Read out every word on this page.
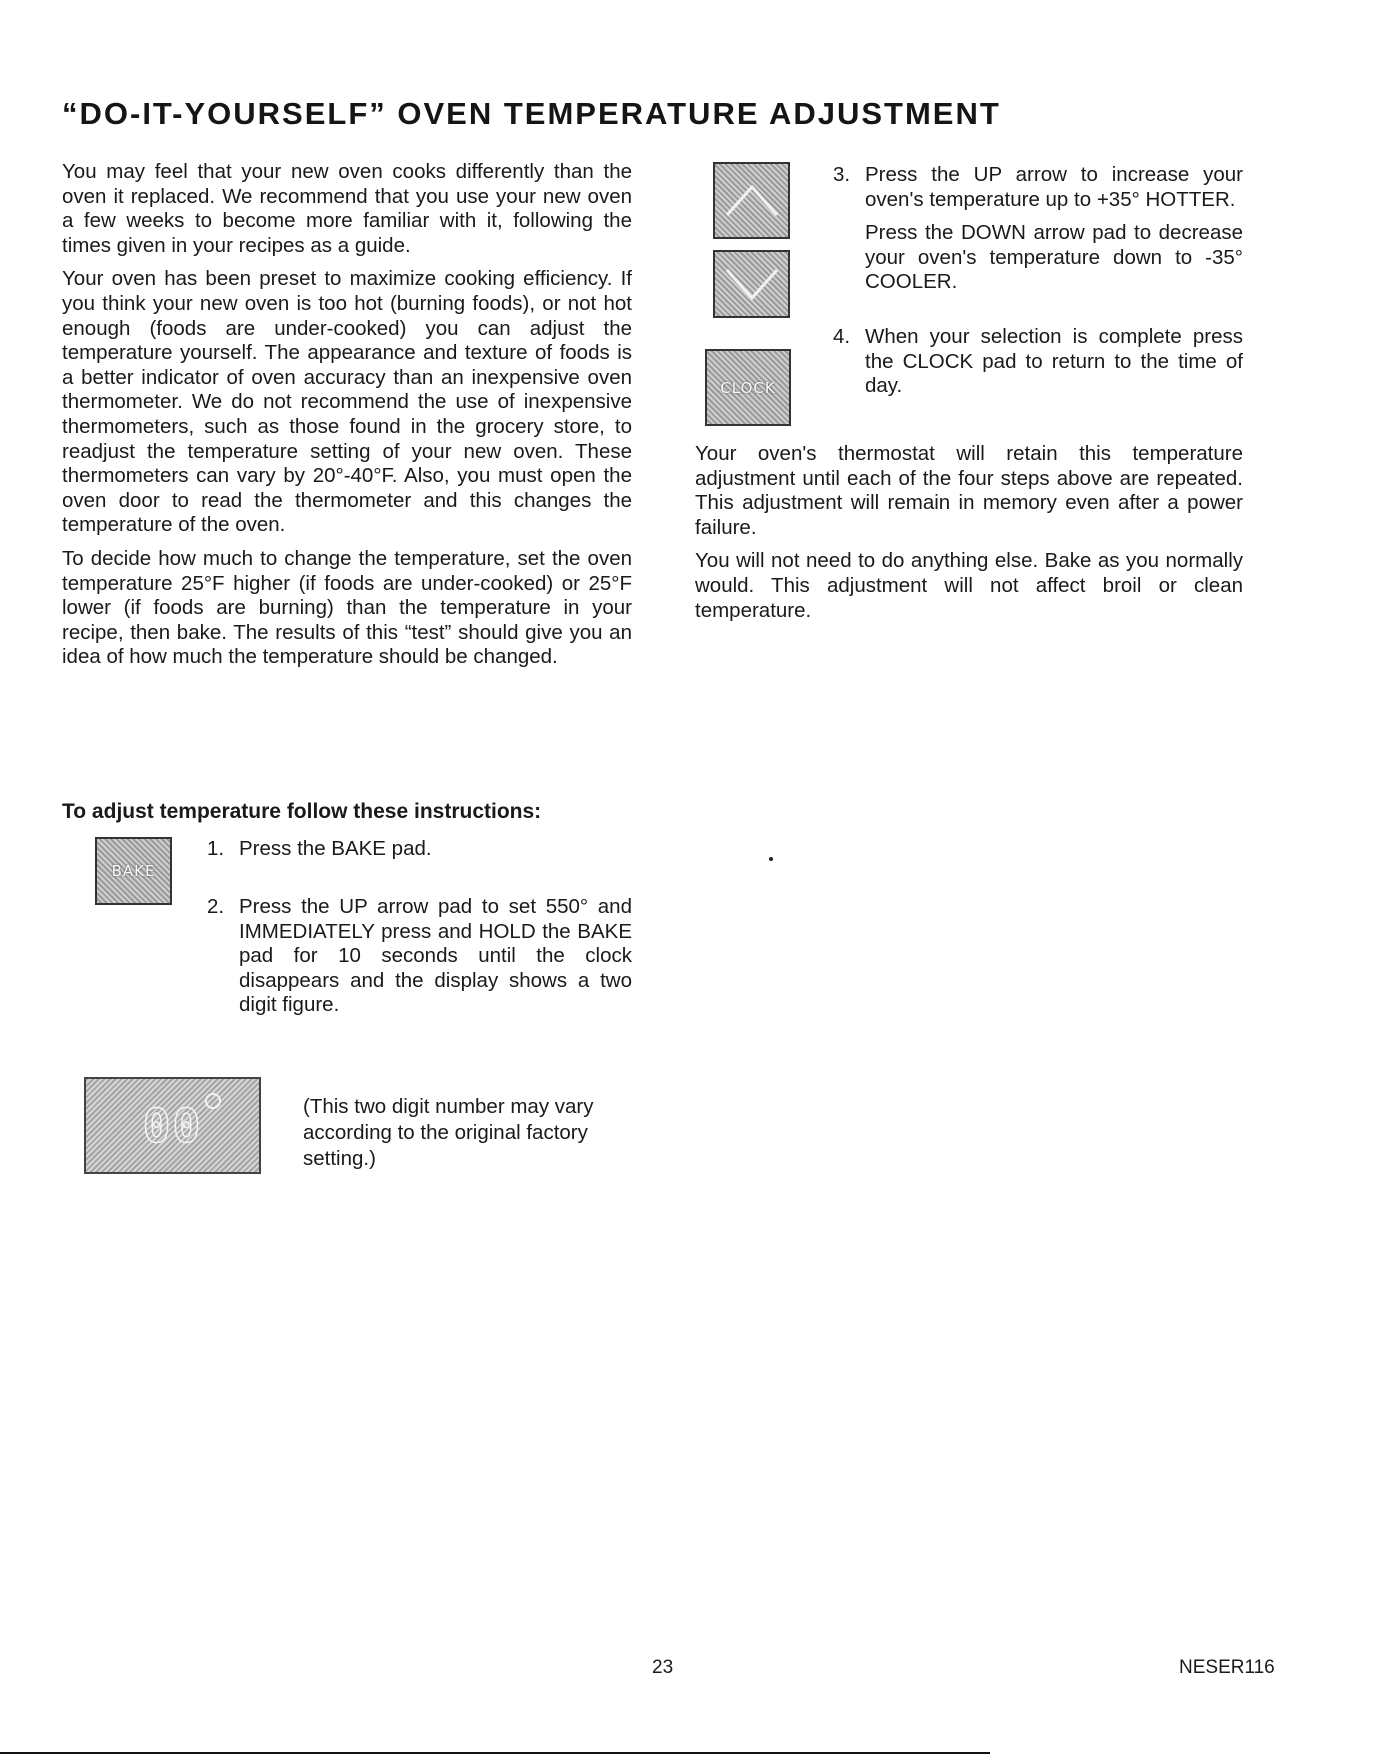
“DO-IT-YOURSELF” OVEN TEMPERATURE ADJUSTMENT

You may feel that your new oven cooks differently than the oven it replaced. We recommend that you use your new oven a few weeks to become more familiar with it, following the times given in your recipes as a guide.

Your oven has been preset to maximize cooking efficiency. If you think your new oven is too hot (burning foods), or not hot enough (foods are under-cooked) you can adjust the temperature yourself. The appearance and texture of foods is a better indicator of oven accuracy than an inexpensive oven thermometer. We do not recommend the use of inexpensive thermometers, such as those found in the grocery store, to readjust the temperature setting of your new oven. These thermometers can vary by 20°-40°F. Also, you must open the oven door to read the thermometer and this changes the temperature of the oven.

To decide how much to change the temperature, set the oven temperature 25°F higher (if foods are under-cooked) or 25°F lower (if foods are burning) than the temperature in your recipe, then bake. The results of this “test” should give you an idea of how much the temperature should be changed.

To adjust temperature follow these instructions:
BAKE
1. Press the BAKE pad.

2. Press the UP arrow pad to set 550° and IMMEDIATELY press and HOLD the BAKE pad for 10 seconds until the clock disappears and the display shows a two digit figure.

00	(This two digit number may vary according to the original factory setting.)
CLOCK
3. Press the UP arrow to increase your oven's temperature up to +35° HOTTER.

Press the DOWN arrow pad to decrease your oven's temperature down to -35° COOLER.

4. When your selection is complete press the CLOCK pad to return to the time of day.

Your oven's thermostat will retain this temperature adjustment until each of the four steps above are repeated. This adjustment will remain in memory even after a power failure.

You will not need to do anything else. Bake as you normally would. This adjustment will not affect broil or clean temperature.

23	NESER116
